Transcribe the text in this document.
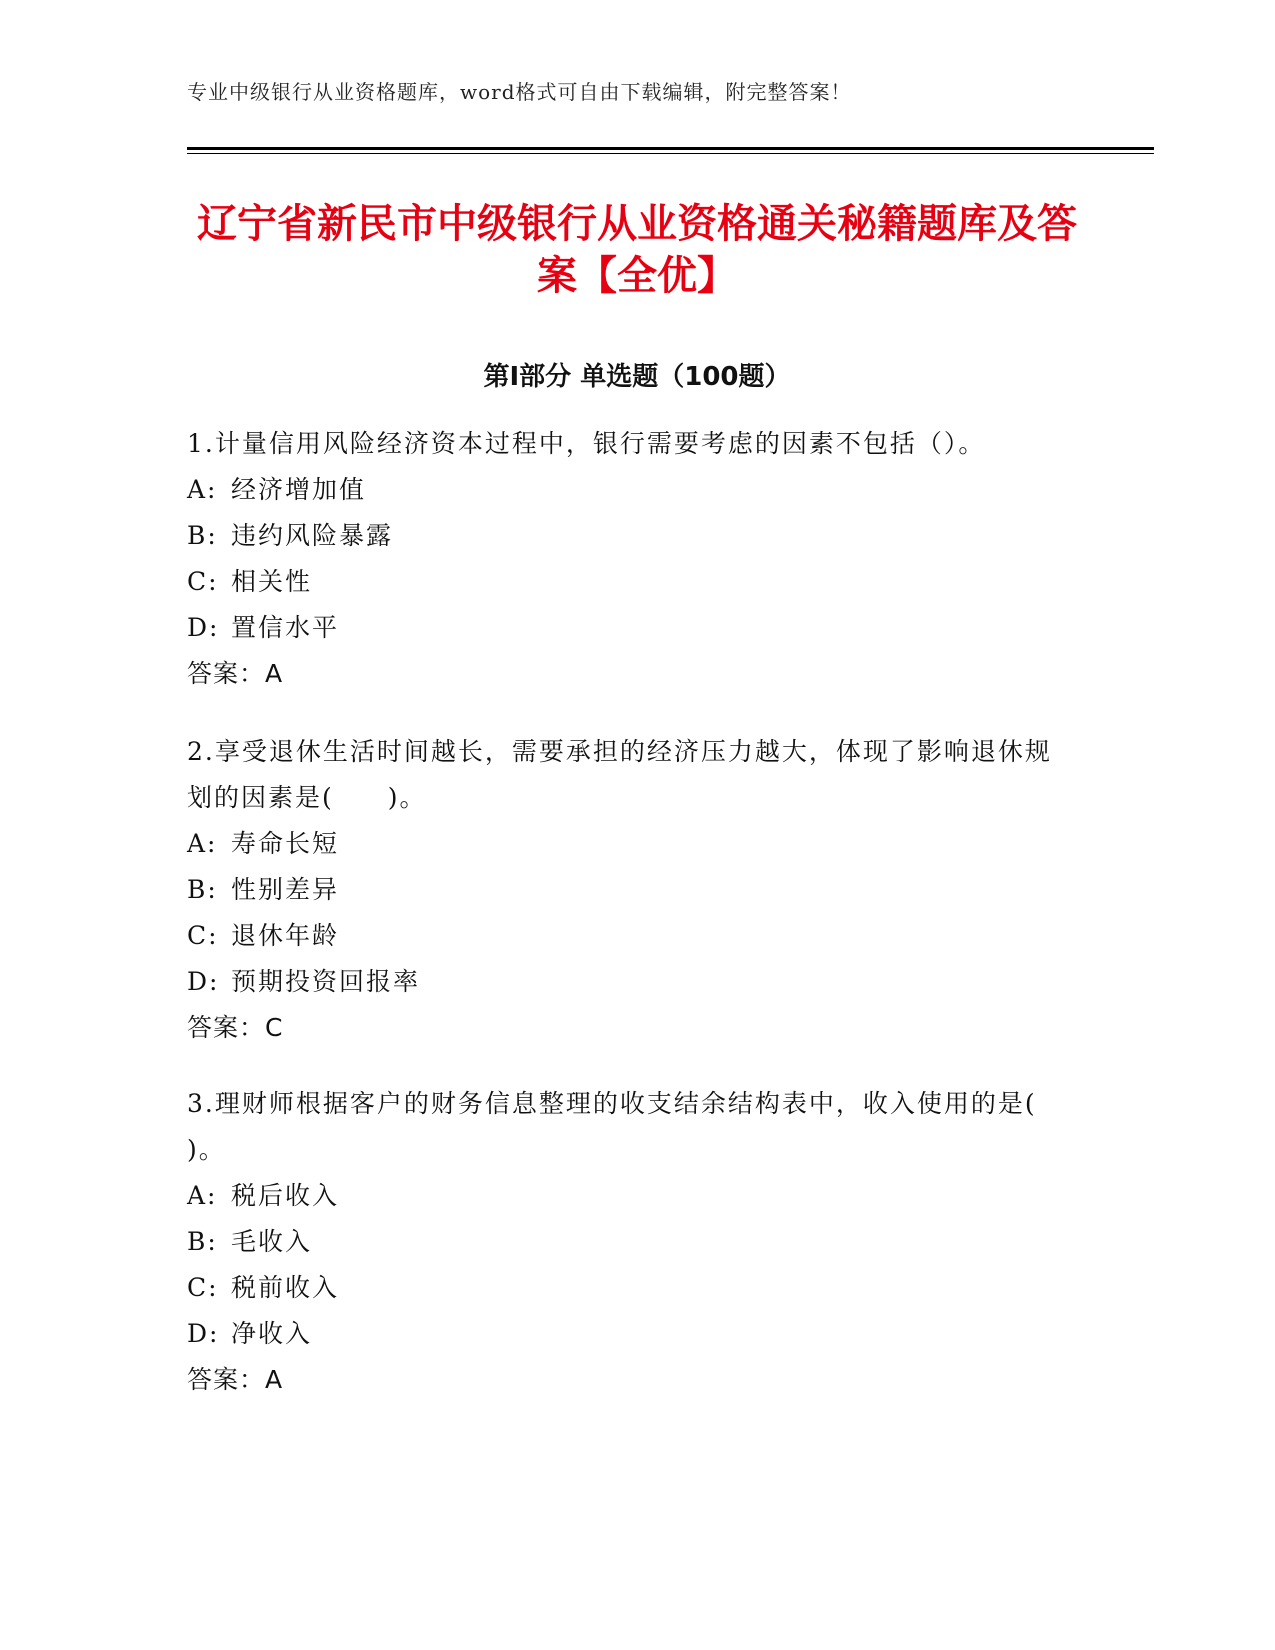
专业中级银行从业资格题库，word格式可自由下载编辑，附完整答案！
辽宁省新民市中级银行从业资格通关秘籍题库及答案【全优】
第Ⅰ部分 单选题（100题）

1.计量信用风险经济资本过程中，银行需要考虑的因素不包括（）。

A: 经济增加值

B: 违约风险暴露

C: 相关性

D: 置信水平

答案：A

2.享受退休生活时间越长，需要承担的经济压力越大，体现了影响退休规划的因素是(　　)。

A: 寿命长短

B: 性别差异

C: 退休年龄

D: 预期投资回报率

答案：C

3.理财师根据客户的财务信息整理的收支结余结构表中，收入使用的是( )。

A: 税后收入

B: 毛收入

C: 税前收入

D: 净收入

答案：A
